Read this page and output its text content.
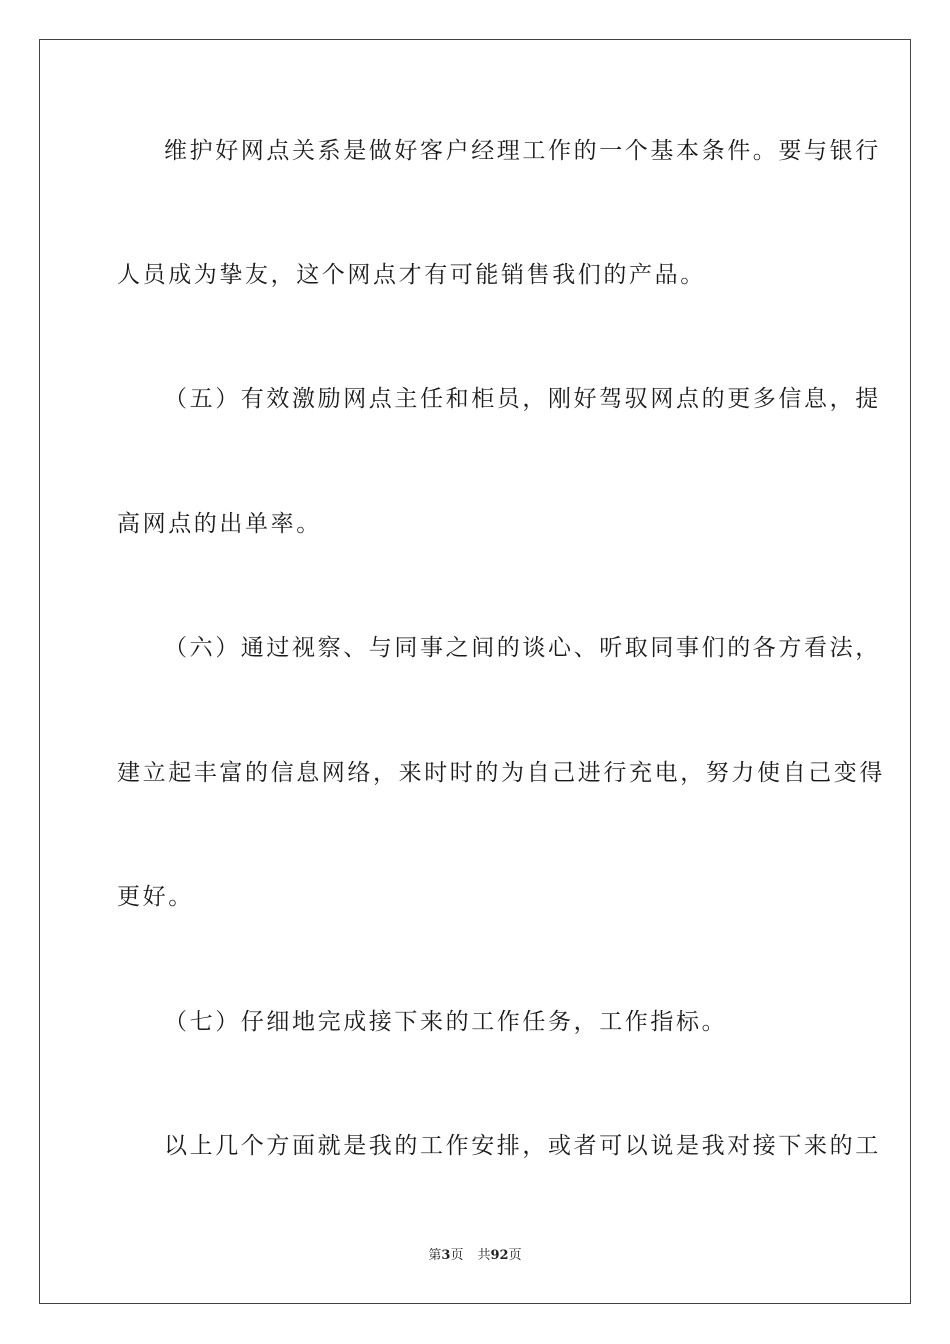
维护好网点关系是做好客户经理工作的一个基本条件。要与银行
人员成为挚友，这个网点才有可能销售我们的产品。
（五）有效激励网点主任和柜员，刚好驾驭网点的更多信息，提
高网点的出单率。
（六）通过视察、与同事之间的谈心、听取同事们的各方看法，
建立起丰富的信息网络，来时时的为自己进行充电，努力使自己变得
更好。
（七）仔细地完成接下来的工作任务，工作指标。
以上几个方面就是我的工作安排，或者可以说是我对接下来的工
第3页 共92页
